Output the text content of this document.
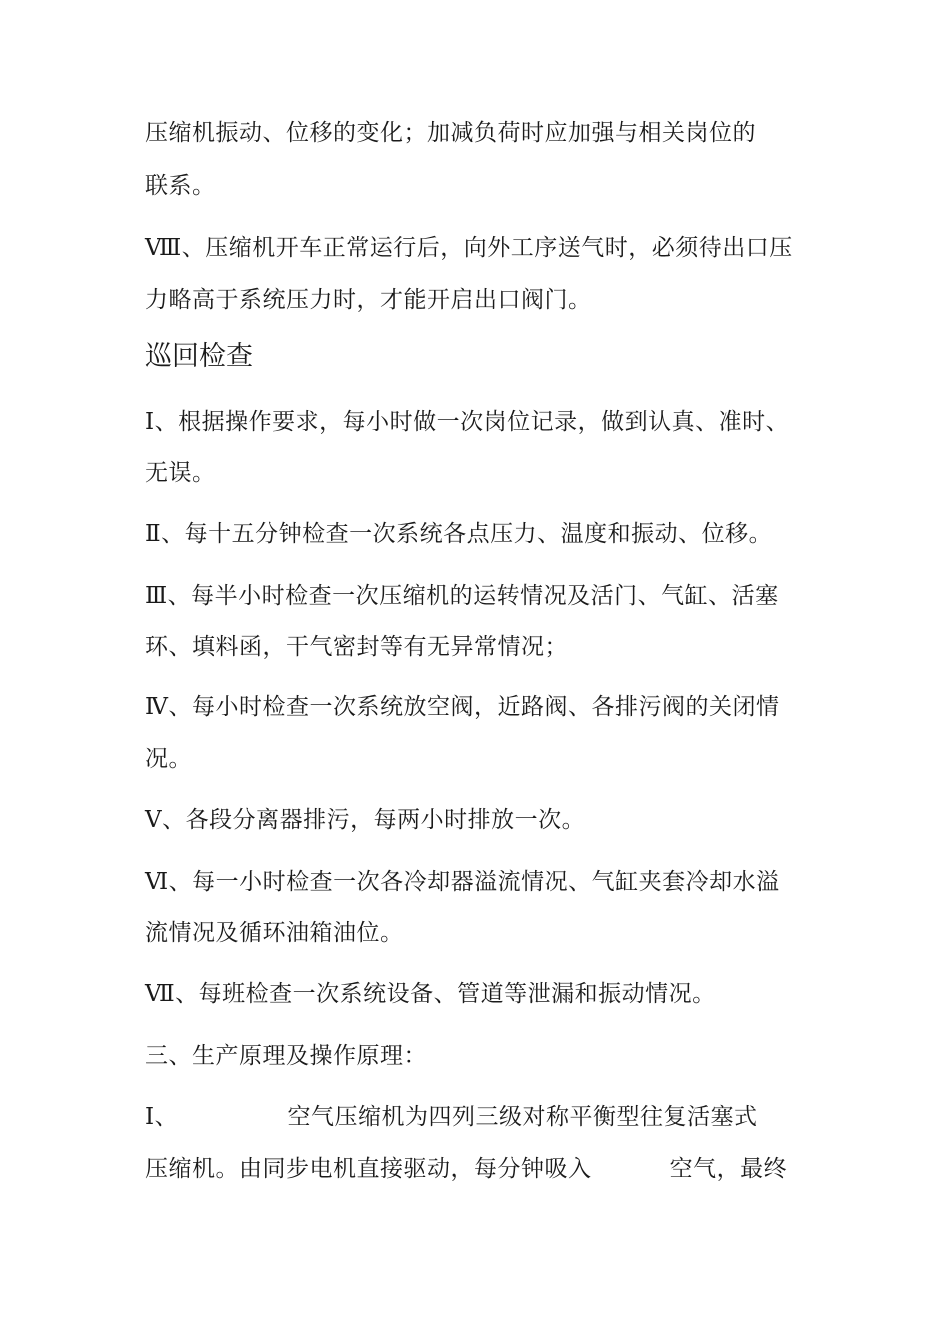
压缩机振动、位移的变化；加减负荷时应加强与相关岗位的
联系。
Ⅷ、压缩机开车正常运行后，向外工序送气时，必须待出口压
力略高于系统压力时，才能开启出口阀门。
巡回检查
Ⅰ、根据操作要求，每小时做一次岗位记录，做到认真、准时、
无误。
Ⅱ、每十五分钟检查一次系统各点压力、温度和振动、位移。
Ⅲ、每半小时检查一次压缩机的运转情况及活门、气缸、活塞
环、填料函，干气密封等有无异常情况；
Ⅳ、每小时检查一次系统放空阀，近路阀、各排污阀的关闭情
况。
Ⅴ、各段分离器排污，每两小时排放一次。
Ⅵ、每一小时检查一次各冷却器溢流情况、气缸夹套冷却水溢
流情况及循环油箱油位。
Ⅶ、每班检查一次系统设备、管道等泄漏和振动情况。
三、生产原理及操作原理：
Ⅰ、              空气压缩机为四列三级对称平衡型往复活塞式
压缩机。由同步电机直接驱动，每分钟吸入          空气，最终
